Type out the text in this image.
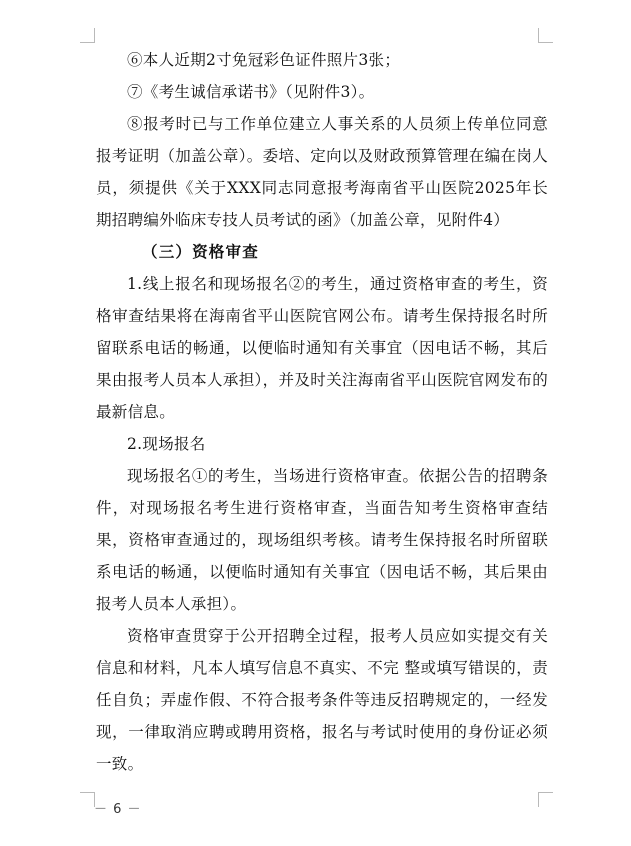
⑥本人近期2寸免冠彩色证件照片3张；

⑦《考生诚信承诺书》（见附件3）。

⑧报考时已与工作单位建立人事关系的人员须上传单位同意报考证明（加盖公章）。委培、定向以及财政预算管理在编在岗人员，须提供《关于XXX同志同意报考海南省平山医院2025年长期招聘编外临床专技人员考试的函》（加盖公章，见附件4）

（三）资格审查

1.线上报名和现场报名②的考生，通过资格审查的考生，资格审查结果将在海南省平山医院官网公布。请考生保持报名时所留联系电话的畅通，以便临时通知有关事宜（因电话不畅，其后果由报考人员本人承担），并及时关注海南省平山医院官网发布的最新信息。

2.现场报名

现场报名①的考生，当场进行资格审查。依据公告的招聘条件，对现场报名考生进行资格审查，当面告知考生资格审查结果，资格审查通过的，现场组织考核。请考生保持报名时所留联系电话的畅通，以便临时通知有关事宜（因电话不畅，其后果由报考人员本人承担）。

资格审查贯穿于公开招聘全过程，报考人员应如实提交有关信息和材料，凡本人填写信息不真实、不完 整或填写错误的，责任自负；弄虚作假、不符合报考条件等违反招聘规定的，一经发现，一律取消应聘或聘用资格，报名与考试时使用的身份证必须一致。

－ 6 －
